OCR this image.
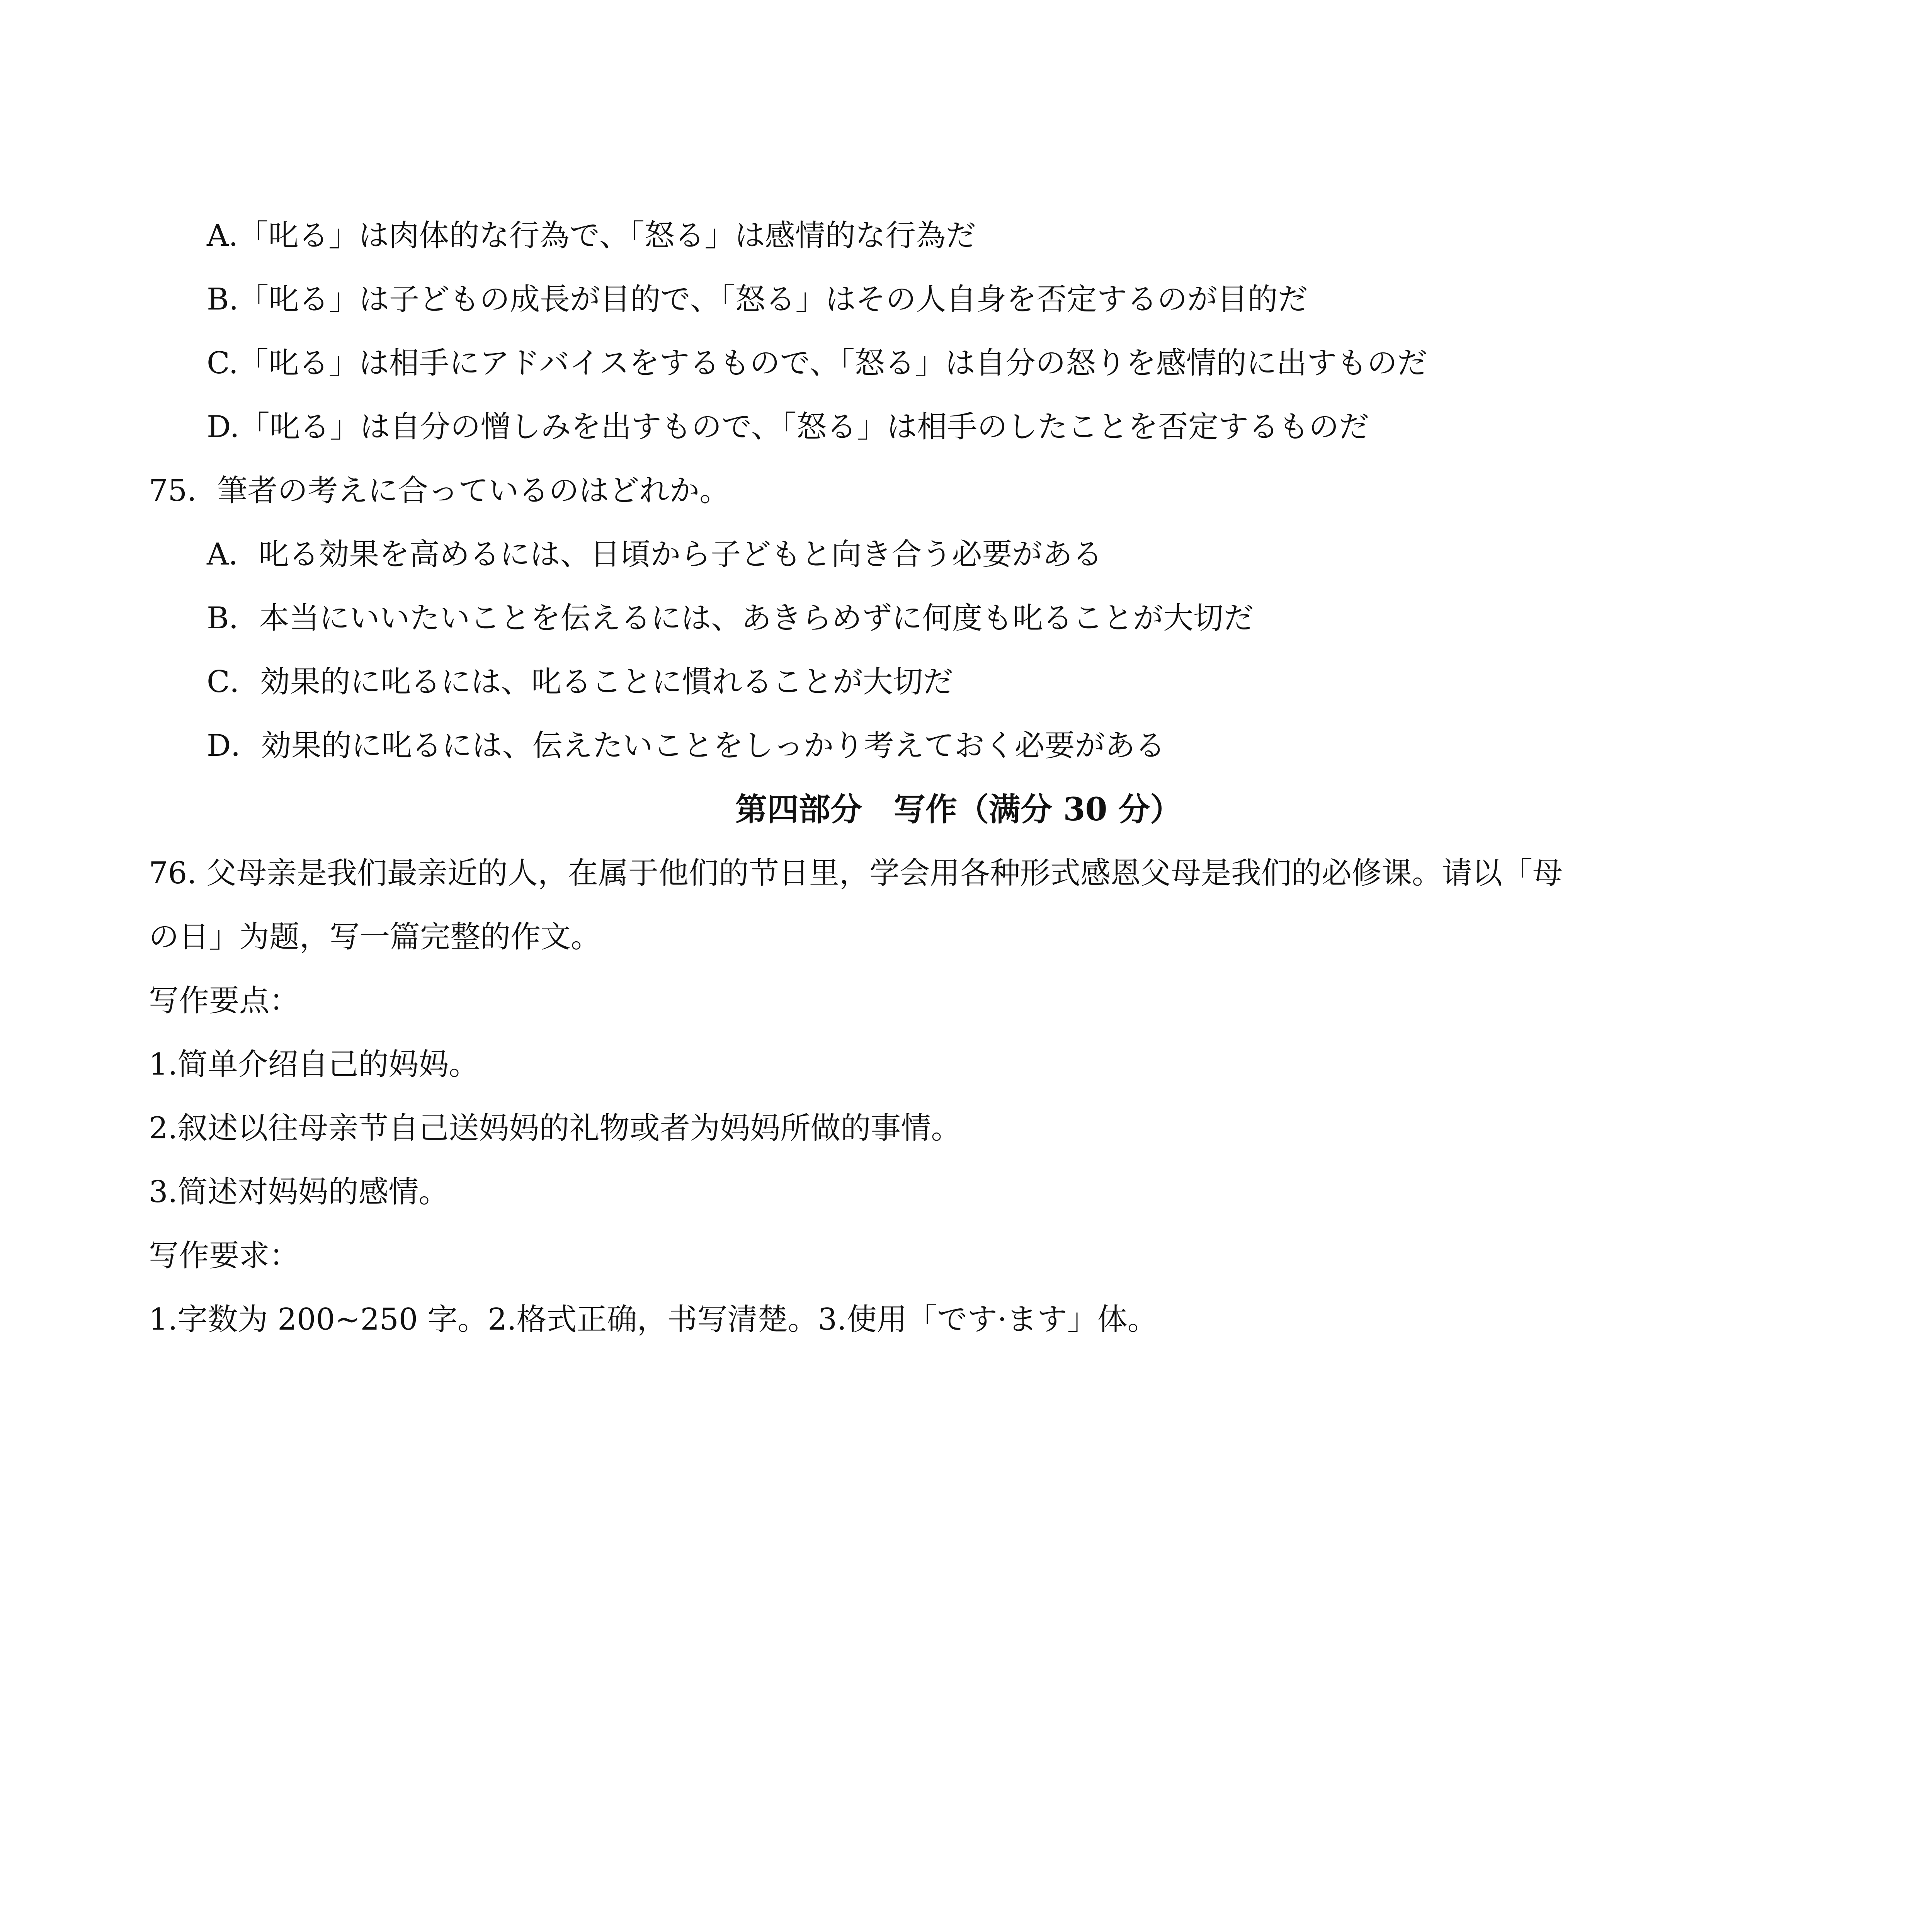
A.「叱る」は肉体的な行為で、「怒る」は感情的な行為だ
B.「叱る」は子どもの成長が目的で、「怒る」はその人自身を否定するのが目的だ
C.「叱る」は相手にアドバイスをするもので、「怒る」は自分の怒りを感情的に出すものだ
D.「叱る」は自分の憎しみを出すもので、「怒る」は相手のしたことを否定するものだ
75．筆者の考えに合っているのはどれか。
A．叱る効果を高めるには、日頃から子どもと向き合う必要がある
B．本当にいいたいことを伝えるには、あきらめずに何度も叱ることが大切だ
C．効果的に叱るには、叱ることに慣れることが大切だ
D．効果的に叱るには、伝えたいことをしっかり考えておく必要がある
第四部分　写作（满分 30 分）
76. 父母亲是我们最亲近的人，在属于他们的节日里，学会用各种形式感恩父母是我们的必修课。请以「母
の日」为题，写一篇完整的作文。
写作要点：
1.简单介绍自己的妈妈。
2.叙述以往母亲节自己送妈妈的礼物或者为妈妈所做的事情。
3.简述对妈妈的感情。
写作要求：
1.字数为 200~250 字。2.格式正确，书写清楚。3.使用「です·ます」体。
